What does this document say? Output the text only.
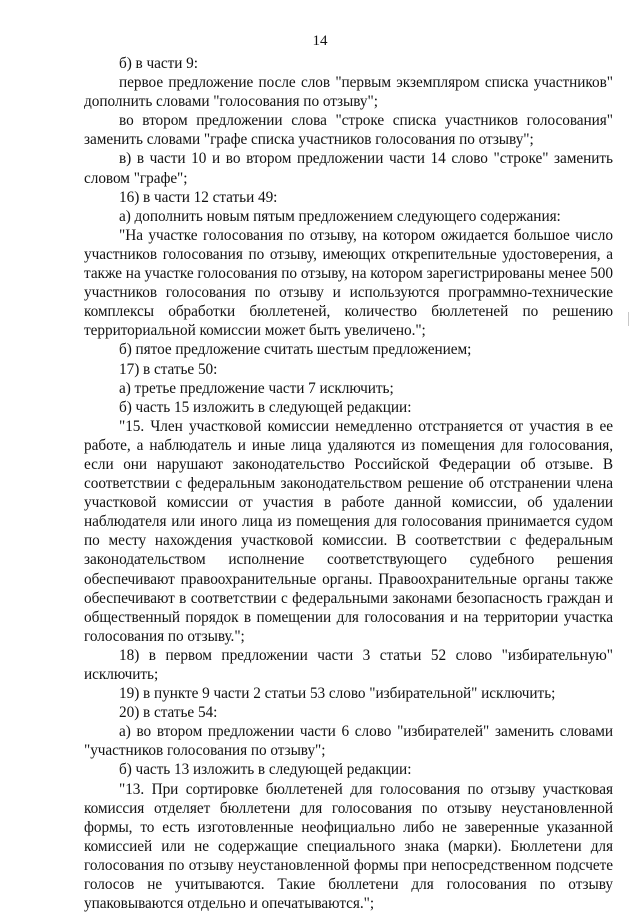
14

б) в части 9:

первое предложение после слов "первым экземпляром списка участников" дополнить словами "голосования по отзыву";

во втором предложении слова "строке списка участников голосования" заменить словами "графе списка участников голосования по отзыву";

в) в части 10 и во втором предложении части 14 слово "строке" заменить словом "графе";

16) в части 12 статьи 49:

а) дополнить новым пятым предложением следующего содержания:

"На участке голосования по отзыву, на котором ожидается большое число участников голосования по отзыву, имеющих открепительные удостоверения, а также на участке голосования по отзыву, на котором зарегистрированы менее 500 участников голосования по отзыву и используются программно-технические комплексы обработки бюллетеней, количество бюллетеней по решению территориальной комиссии может быть увеличено.";

б) пятое предложение считать шестым предложением;

17) в статье 50:

а) третье предложение части 7 исключить;

б) часть 15 изложить в следующей редакции:

"15. Член участковой комиссии немедленно отстраняется от участия в ее работе, а наблюдатель и иные лица удаляются из помещения для голосования, если они нарушают законодательство Российской Федерации об отзыве. В соответствии с федеральным законодательством решение об отстранении члена участковой комиссии от участия в работе данной комиссии, об удалении наблюдателя или иного лица из помещения для голосования принимается судом по месту нахождения участковой комиссии. В соответствии с федеральным законодательством исполнение соответствующего судебного решения обеспечивают правоохранительные органы. Правоохранительные органы также обеспечивают в соответствии с федеральными законами безопасность граждан и общественный порядок в помещении для голосования и на территории участка голосования по отзыву.";

18) в первом предложении части 3 статьи 52 слово "избирательную" исключить;

19) в пункте 9 части 2 статьи 53 слово "избирательной" исключить;

20) в статье 54:

а) во втором предложении части 6 слово "избирателей" заменить словами "участников голосования по отзыву";

б) часть 13 изложить в следующей редакции:

"13. При сортировке бюллетеней для голосования по отзыву участковая комиссия отделяет бюллетени для голосования по отзыву неустановленной формы, то есть изготовленные неофициально либо не заверенные указанной комиссией или не содержащие специального знака (марки). Бюллетени для голосования по отзыву неустановленной формы при непосредственном подсчете голосов не учитываются. Такие бюллетени для голосования по отзыву упаковываются отдельно и опечатываются.";
